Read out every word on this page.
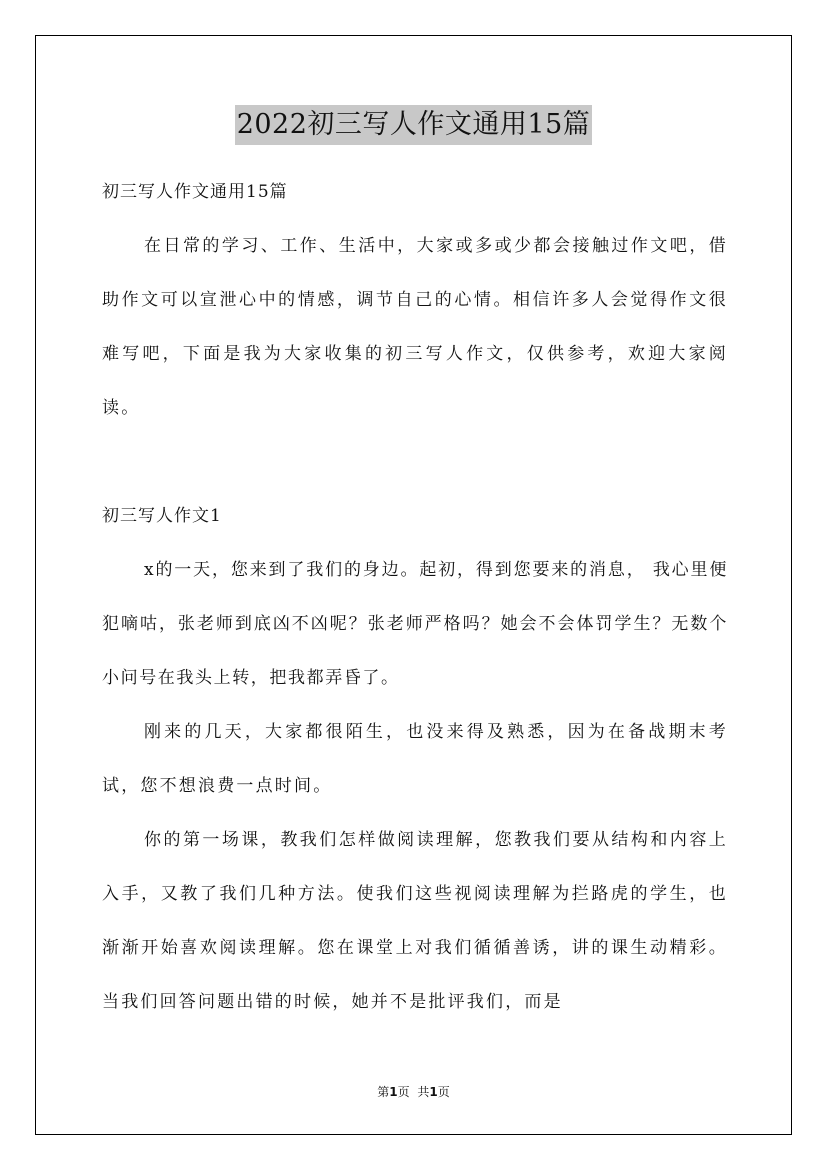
2022初三写人作文通用15篇

初三写人作文通用15篇

在日常的学习、工作、生活中，大家或多或少都会接触过作文吧，借助作文可以宣泄心中的情感，调节自己的心情。相信许多人会觉得作文很难写吧，下面是我为大家收集的初三写人作文，仅供参考，欢迎大家阅读。

初三写人作文1

x的一天，您来到了我们的身边。起初，得到您要来的消息， 我心里便犯嘀咕，张老师到底凶不凶呢？张老师严格吗？她会不会体罚学生？无数个小问号在我头上转，把我都弄昏了。

刚来的几天，大家都很陌生，也没来得及熟悉，因为在备战期末考试，您不想浪费一点时间。

你的第一场课，教我们怎样做阅读理解，您教我们要从结构和内容上入手，又教了我们几种方法。使我们这些视阅读理解为拦路虎的学生，也渐渐开始喜欢阅读理解。您在课堂上对我们循循善诱，讲的课生动精彩。当我们回答问题出错的时候，她并不是批评我们，而是

第1页 共1页
